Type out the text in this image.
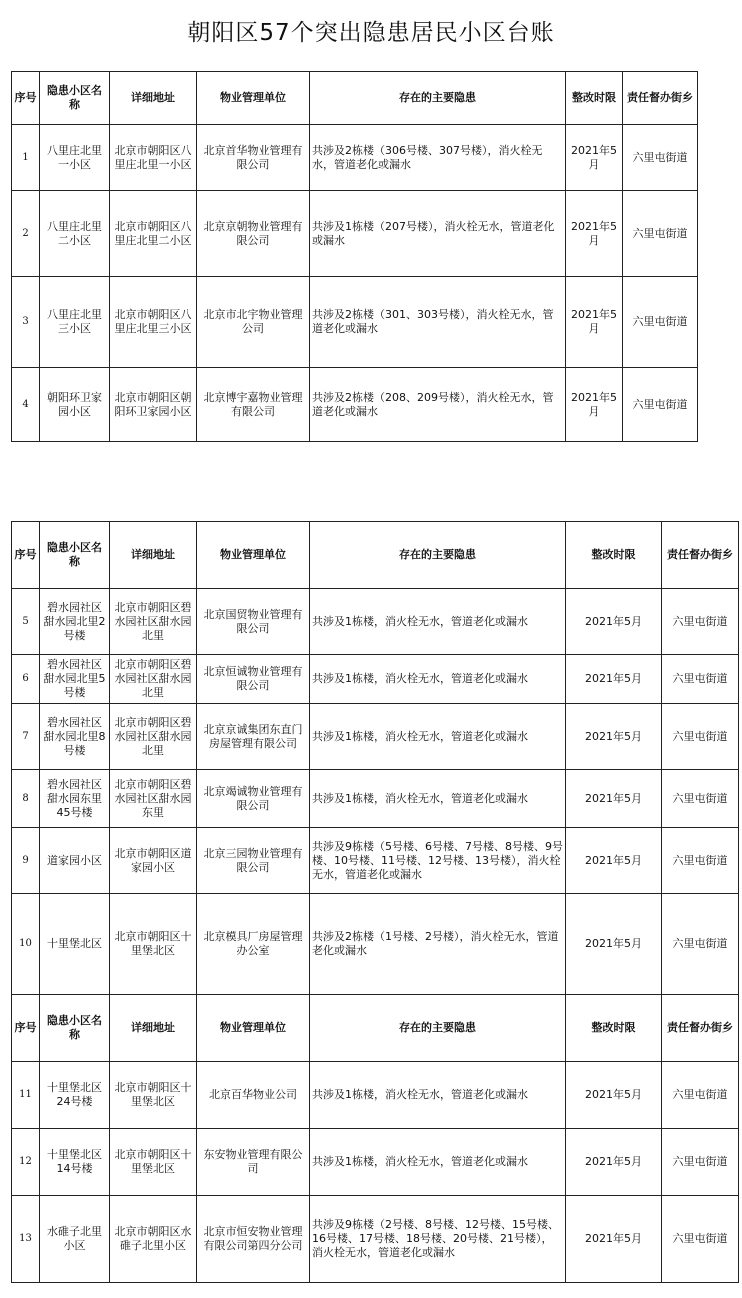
朝阳区57个突出隐患居民小区台账
序号	隐患小区名称	详细地址	物业管理单位	存在的主要隐患	整改时限	责任督办街乡
1	八里庄北里一小区	北京市朝阳区八里庄北里一小区	北京首华物业管理有限公司	共涉及2栋楼（306号楼、307号楼），消火栓无水，管道老化或漏水	2021年5月	六里屯街道
2	八里庄北里二小区	北京市朝阳区八里庄北里二小区	北京京朝物业管理有限公司	共涉及1栋楼（207号楼），消火栓无水，管道老化或漏水	2021年5月	六里屯街道
3	八里庄北里三小区	北京市朝阳区八里庄北里三小区	北京市北宇物业管理公司	共涉及2栋楼（301、303号楼），消火栓无水，管道老化或漏水	2021年5月	六里屯街道
4	朝阳环卫家园小区	北京市朝阳区朝阳环卫家园小区	北京博宇嘉物业管理有限公司	共涉及2栋楼（208、209号楼），消火栓无水，管道老化或漏水	2021年5月	六里屯街道
序号	隐患小区名称	详细地址	物业管理单位	存在的主要隐患	整改时限	责任督办街乡
5	碧水园社区甜水园北里2号楼	北京市朝阳区碧水园社区甜水园北里	北京国贸物业管理有限公司	共涉及1栋楼，消火栓无水，管道老化或漏水	2021年5月	六里屯街道
6	碧水园社区甜水园北里5号楼	北京市朝阳区碧水园社区甜水园北里	北京恒诚物业管理有限公司	共涉及1栋楼，消火栓无水，管道老化或漏水	2021年5月	六里屯街道
7	碧水园社区甜水园北里8号楼	北京市朝阳区碧水园社区甜水园北里	北京京诚集团东直门房屋管理有限公司	共涉及1栋楼，消火栓无水，管道老化或漏水	2021年5月	六里屯街道
8	碧水园社区甜水园东里45号楼	北京市朝阳区碧水园社区甜水园东里	北京竭诚物业管理有限公司	共涉及1栋楼，消火栓无水，管道老化或漏水	2021年5月	六里屯街道
9	道家园小区	北京市朝阳区道家园小区	北京三园物业管理有限公司	共涉及9栋楼（5号楼、6号楼、7号楼、8号楼、9号楼、10号楼、11号楼、12号楼、13号楼），消火栓无水，管道老化或漏水	2021年5月	六里屯街道
10	十里堡北区	北京市朝阳区十里堡北区	北京模具厂房屋管理办公室	共涉及2栋楼（1号楼、2号楼），消火栓无水，管道老化或漏水	2021年5月	六里屯街道
序号	隐患小区名称	详细地址	物业管理单位	存在的主要隐患	整改时限	责任督办街乡
11	十里堡北区24号楼	北京市朝阳区十里堡北区	北京百华物业公司	共涉及1栋楼，消火栓无水，管道老化或漏水	2021年5月	六里屯街道
12	十里堡北区14号楼	北京市朝阳区十里堡北区	东安物业管理有限公司	共涉及1栋楼，消火栓无水，管道老化或漏水	2021年5月	六里屯街道
13	水碓子北里小区	北京市朝阳区水碓子北里小区	北京市恒安物业管理有限公司第四分公司	共涉及9栋楼（2号楼、8号楼、12号楼、15号楼、16号楼、17号楼、18号楼、20号楼、21号楼），消火栓无水，管道老化或漏水	2021年5月	六里屯街道
